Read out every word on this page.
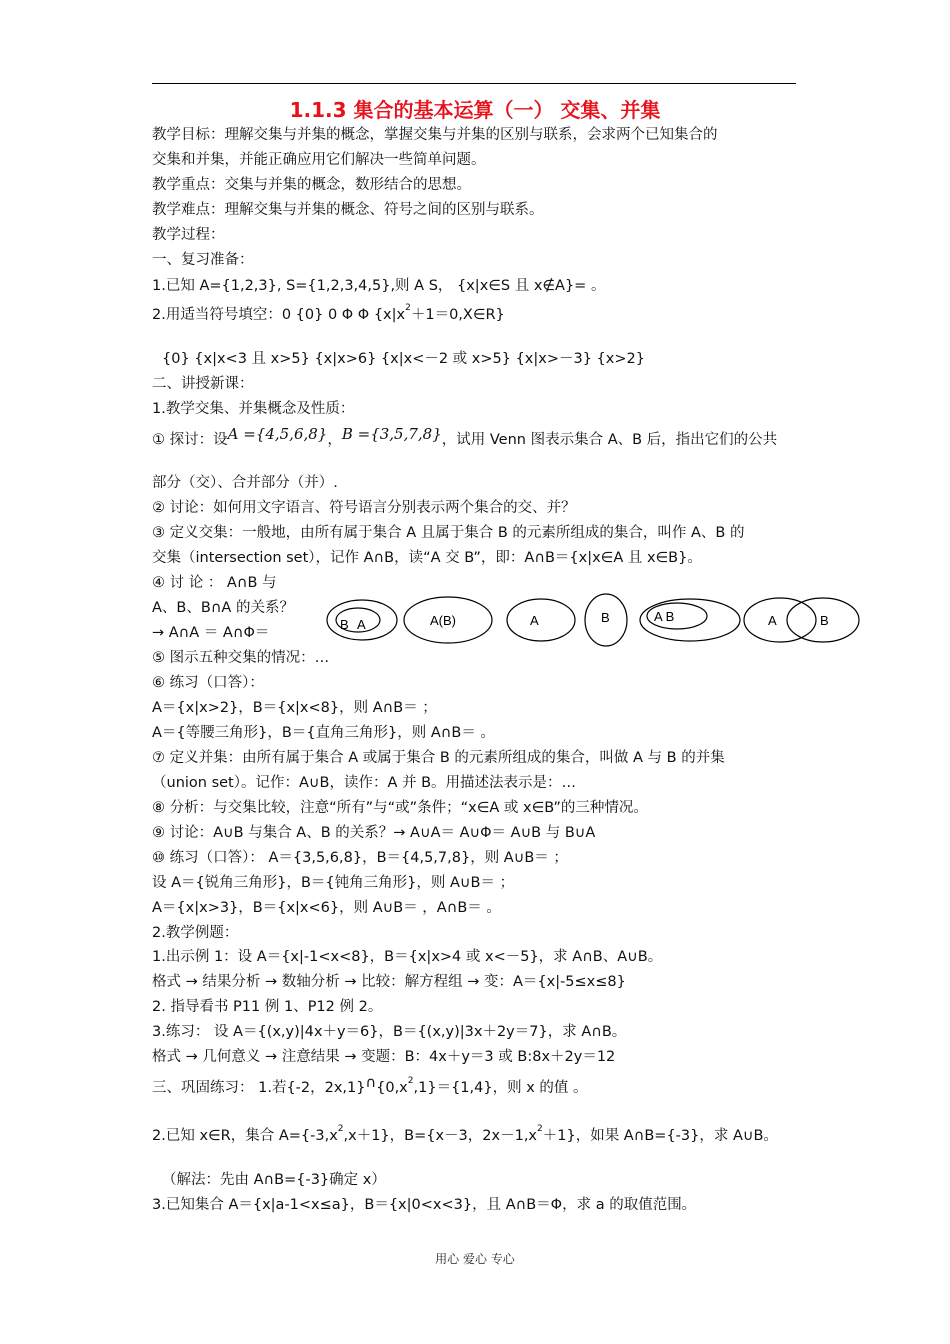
1.1.3 集合的基本运算（一） 交集、并集
教学目标：理解交集与并集的概念，掌握交集与并集的区别与联系，会求两个已知集合的
交集和并集，并能正确应用它们解决一些简单问题。
教学重点：交集与并集的概念，数形结合的思想。
教学难点：理解交集与并集的概念、符号之间的区别与联系。
教学过程：
一、复习准备：
1.已知 A={1,2,3}, S={1,2,3,4,5},则 A S， {x|x∈S 且 x∉A}= 。
2.用适当符号填空：0 {0} 0 Φ Φ $\{x|x^2+1=0,X\in R\}$
{0} {x|x<3 且 x>5} {x|x>6} {x|x<－2 或 x>5} {x|x>－3} {x>2}
二、讲授新课：
1.教学交集、并集概念及性质：
① 探讨：设A ={4,5,6,8}，B ={3,5,7,8}，试用 Venn 图表示集合 A、B 后，指出它们的公共
部分（交）、合并部分（并）.
② 讨论：如何用文字语言、符号语言分别表示两个集合的交、并？
③ 定义交集：一般地，由所有属于集合 A 且属于集合 B 的元素所组成的集合，叫作 A、B 的
交集（intersection set），记作 A∩B，读“A 交 B”，即：A∩B＝{x|x∈A 且 x∈B}。
④ 讨 论 ： A∩B 与
A、B、B∩A 的关系？
→ A∩A ＝ A∩Φ＝
B A	A(B)	A	B	A B	A	B
⑤ 图示五种交集的情况：…
⑥ 练习（口答）：
A＝{x|x>2}，B＝{x|x<8}，则 A∩B＝ ；
A＝{等腰三角形}，B＝{直角三角形}，则 A∩B＝ 。
⑦ 定义并集：由所有属于集合 A 或属于集合 B 的元素所组成的集合，叫做 A 与 B 的并集
（union set）。记作：A∪B，读作：A 并 B。用描述法表示是：…
⑧ 分析：与交集比较，注意“所有”与“或”条件；“x∈A 或 x∈B”的三种情况。
⑨ 讨论：A∪B 与集合 A、B 的关系？→ A∪A＝ A∪Φ＝ A∪B 与 B∪A
⑩ 练习（口答）： A＝{3,5,6,8}，B＝{4,5,7,8}，则 A∪B＝ ；
设 A＝{锐角三角形}，B＝{钝角三角形}，则 A∪B＝ ；
A＝{x|x>3}，B＝{x|x<6}，则 A∪B＝ ，A∩B＝ 。
2.教学例题：
1.出示例 1：设 A＝{x|-1<x<8}，B＝{x|x>4 或 x<－5}，求 A∩B、A∪B。
格式 → 结果分析 → 数轴分析 → 比较：解方程组 → 变：A＝{x|-5≤x≤8}
2. 指导看书 P11 例 1、P12 例 2。
3.练习： 设 A＝{(x,y)|4x＋y＝6}，B＝{(x,y)|3x＋2y＝7}，求 A∩B。
格式 → 几何意义 → 注意结果 → 变题：B：4x＋y＝3 或 B:8x＋2y＝12
三、巩固练习： 1.若{-2，$2x,1\}\cap\{0,x^2,1\}=\{1,4\}$，则 x 的值 。
2.已知 x∈R，集合 $A=\{-3,x^2,x+1\}$，B={x－3，$2x-1,x^2+1$}，如果 A∩B={-3}，求 A∪B。
（解法：先由 A∩B={-3}确定 x）
3.已知集合 A＝{x|a-1<x≤a}，B＝{x|0<x<3}，且 A∩B＝Φ，求 a 的取值范围。
用心 爱心 专心
